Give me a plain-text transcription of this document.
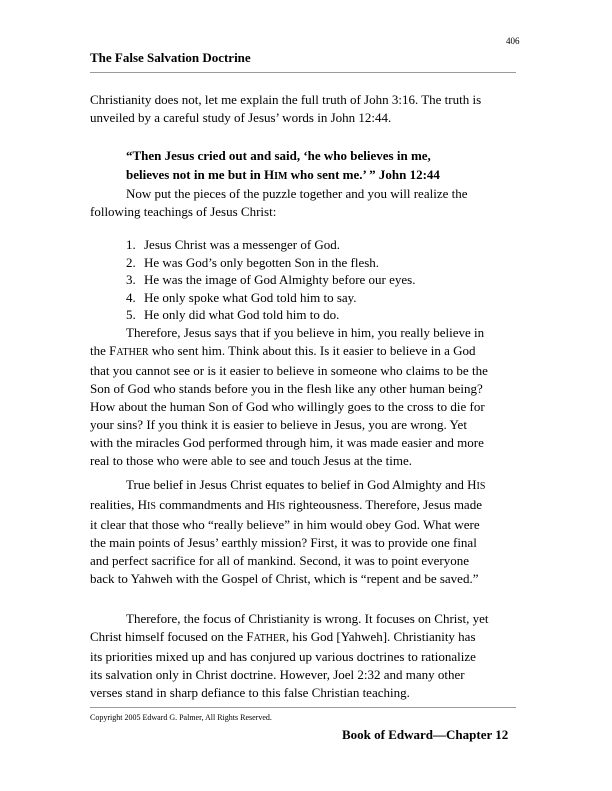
406
The False Salvation Doctrine
Christianity does not, let me explain the full truth of John 3:16. The truth is
unveiled by a careful study of Jesus’ words in John 12:44.
“Then Jesus cried out and said, ‘he who believes in me,
believes not in me but in HIM who sent me.’ ” John 12:44
Now put the pieces of the puzzle together and you will realize the
following teachings of Jesus Christ:
1. Jesus Christ was a messenger of God.
2. He was God’s only begotten Son in the flesh.
3. He was the image of God Almighty before our eyes.
4. He only spoke what God told him to say.
5. He only did what God told him to do.
Therefore, Jesus says that if you believe in him, you really believe in
the FATHER who sent him. Think about this. Is it easier to believe in a God
that you cannot see or is it easier to believe in someone who claims to be the
Son of God who stands before you in the flesh like any other human being?
How about the human Son of God who willingly goes to the cross to die for
your sins? If you think it is easier to believe in Jesus, you are wrong. Yet
with the miracles God performed through him, it was made easier and more
real to those who were able to see and touch Jesus at the time.
True belief in Jesus Christ equates to belief in God Almighty and HIS
realities, HIS commandments and HIS righteousness. Therefore, Jesus made
it clear that those who “really believe” in him would obey God. What were
the main points of Jesus’ earthly mission? First, it was to provide one final
and perfect sacrifice for all of mankind. Second, it was to point everyone
back to Yahweh with the Gospel of Christ, which is “repent and be saved.”
Therefore, the focus of Christianity is wrong. It focuses on Christ, yet
Christ himself focused on the FATHER, his God [Yahweh]. Christianity has
its priorities mixed up and has conjured up various doctrines to rationalize
its salvation only in Christ doctrine. However, Joel 2:32 and many other
verses stand in sharp defiance to this false Christian teaching.
Copyright 2005 Edward G. Palmer, All Rights Reserved.
Book of Edward—Chapter 12
